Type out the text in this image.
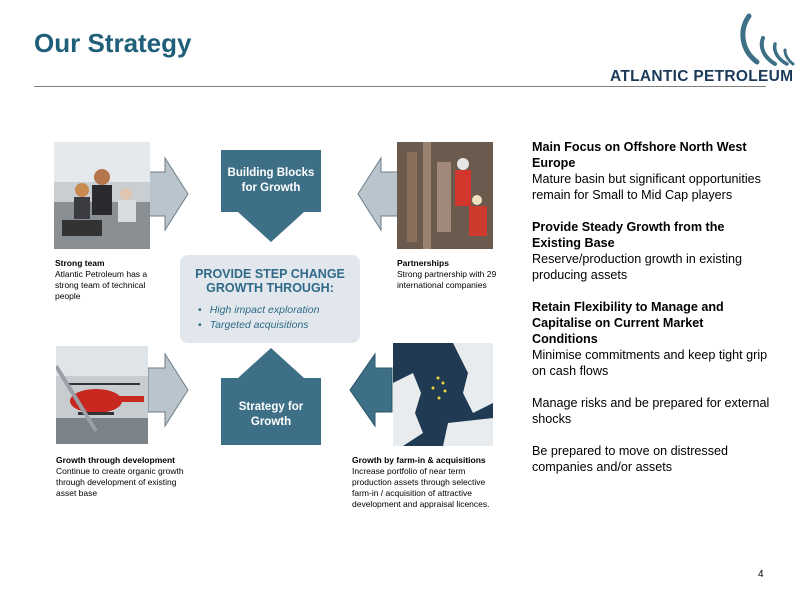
Our Strategy
ATLANTIC PETROLEUM
Building Blocks for Growth
Strategy for Growth
PROVIDE STEP CHANGE GROWTH THROUGH:
• High impact exploration
• Targeted acquisitions
Strong team
Atlantic Petroleum has a strong team of technical people
Partnerships
Strong partnership with 29 international companies
Growth through development
Continue to create organic growth through development of existing asset base
Growth by farm-in & acquisitions
Increase portfolio of near term production assets through selective farm-in / acquisition of attractive development and appraisal licences.
Main Focus on Offshore North West Europe
Mature basin but significant opportunities remain for Small to Mid Cap players
Provide Steady Growth from the Existing Base
Reserve/production growth in existing producing assets
Retain Flexibility to Manage and Capitalise on Current Market Conditions
Minimise commitments and keep tight grip on cash flows
Manage risks and be prepared for external shocks
Be prepared to move on distressed companies and/or assets
4
